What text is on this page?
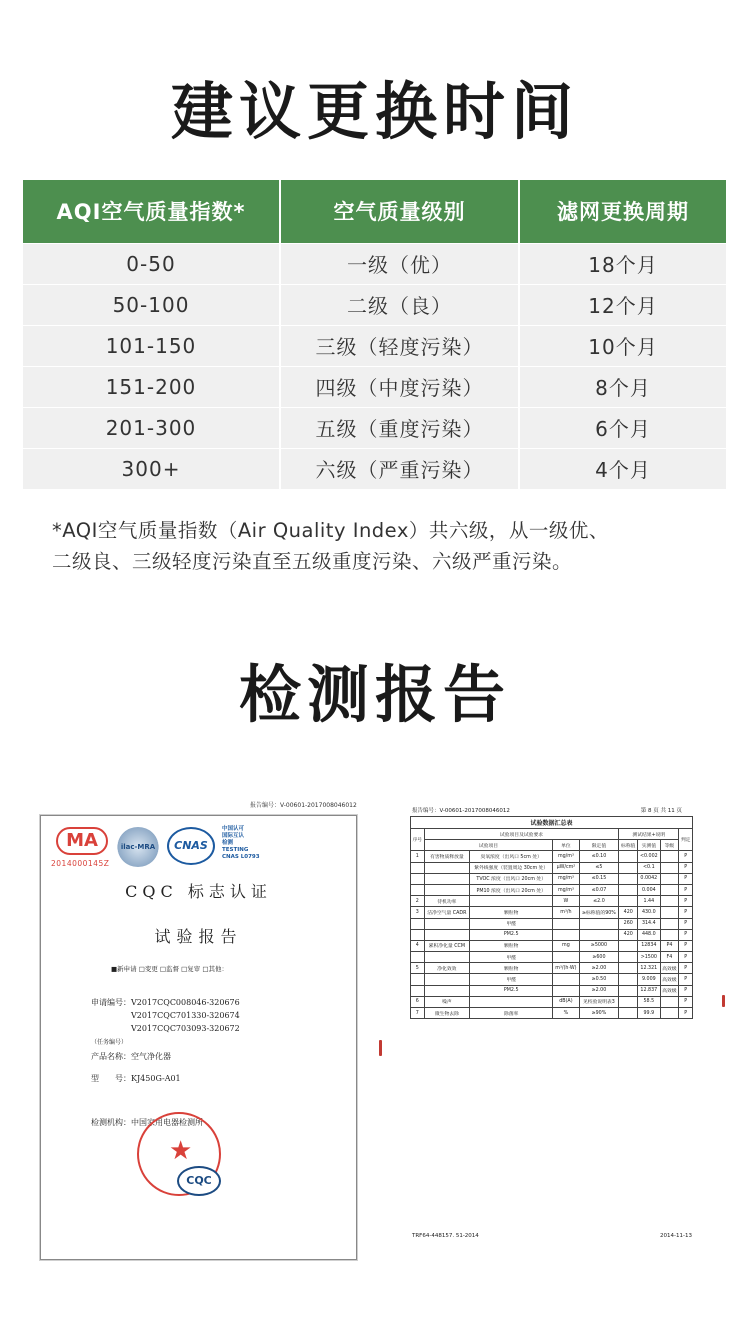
建议更换时间
AQI空气质量指数*	空气质量级别	滤网更换周期
0-50	一级（优）	18个月
50-100	二级（良）	12个月
101-150	三级（轻度污染）	10个月
151-200	四级（中度污染）	8个月
201-300	五级（重度污染）	6个月
300+	六级（严重污染）	4个月
*AQI空气质量指数（Air Quality Index）共六级，从一级优、
二级良、三级轻度污染直至五级重度污染、六级严重污染。
检测报告
报告编号：V-00601-2017008046012
MA
2014000145Z
ilac-MRA	CNAS
中国认可
国际互认
检测
TESTING
CNAS L0793
CQC 标志认证
试验报告
■新申请 □变更 □监督 □复审 □其他：
申请编号：V2017CQC008046-320676
　　　　　V2017CQC701330-320674
　　　　　V2017CQC703093-320672
（任务编号）
产品名称：空气净化器
型　　号：KJ450G-A01
检测机构：中国家用电器检测所
★
CQC
报告编号：V-00601-2017008046012	第 8 页 共 11 页
试验数据汇总表								
序号	试验项目及试验要求				测试结果+说明			判定
	试验项目		单位	限定值	标称值	实测值	等级	
1	有害物质释放量	臭氧浓度（出风口 5cm 处）	mg/m³	≤0.10		<0.002		P
		紫外线强度（装置周边 30cm 处）	μW/cm²	≤5		<0.1		P
		TVOC 浓度（出风口 20cm 处）	mg/m³	≤0.15		0.0042		P
		PM10 浓度（出风口 20cm 处）	mg/m³	≤0.07		0.004		P
2	待机功率		W	≤2.0		1.44		P
3	洁净空气量 CADR	颗粒物	m³/h	≥标称值的90%	420	430.0		P
		甲醛			260	314.4		P
		PM2.5			420	448.0		P
4	累积净化量 CCM	颗粒物	mg	≥5000		12834	P4	P
		甲醛		≥600		>1500	F4	P
5	净化效效	颗粒物	m³/(h·W)	≥2.00		12.321	高效级	P
		甲醛		≥0.50		9.009	高效级	P
		PM2.5		≥2.00		12.837	高效级	P
6	噪声		dB(A)	见校验说明表3		58.5		P
7	微生物去除	除菌率	%	≥90%		99.9		P
TRF64-448157. 51-2014	2014-11-13
